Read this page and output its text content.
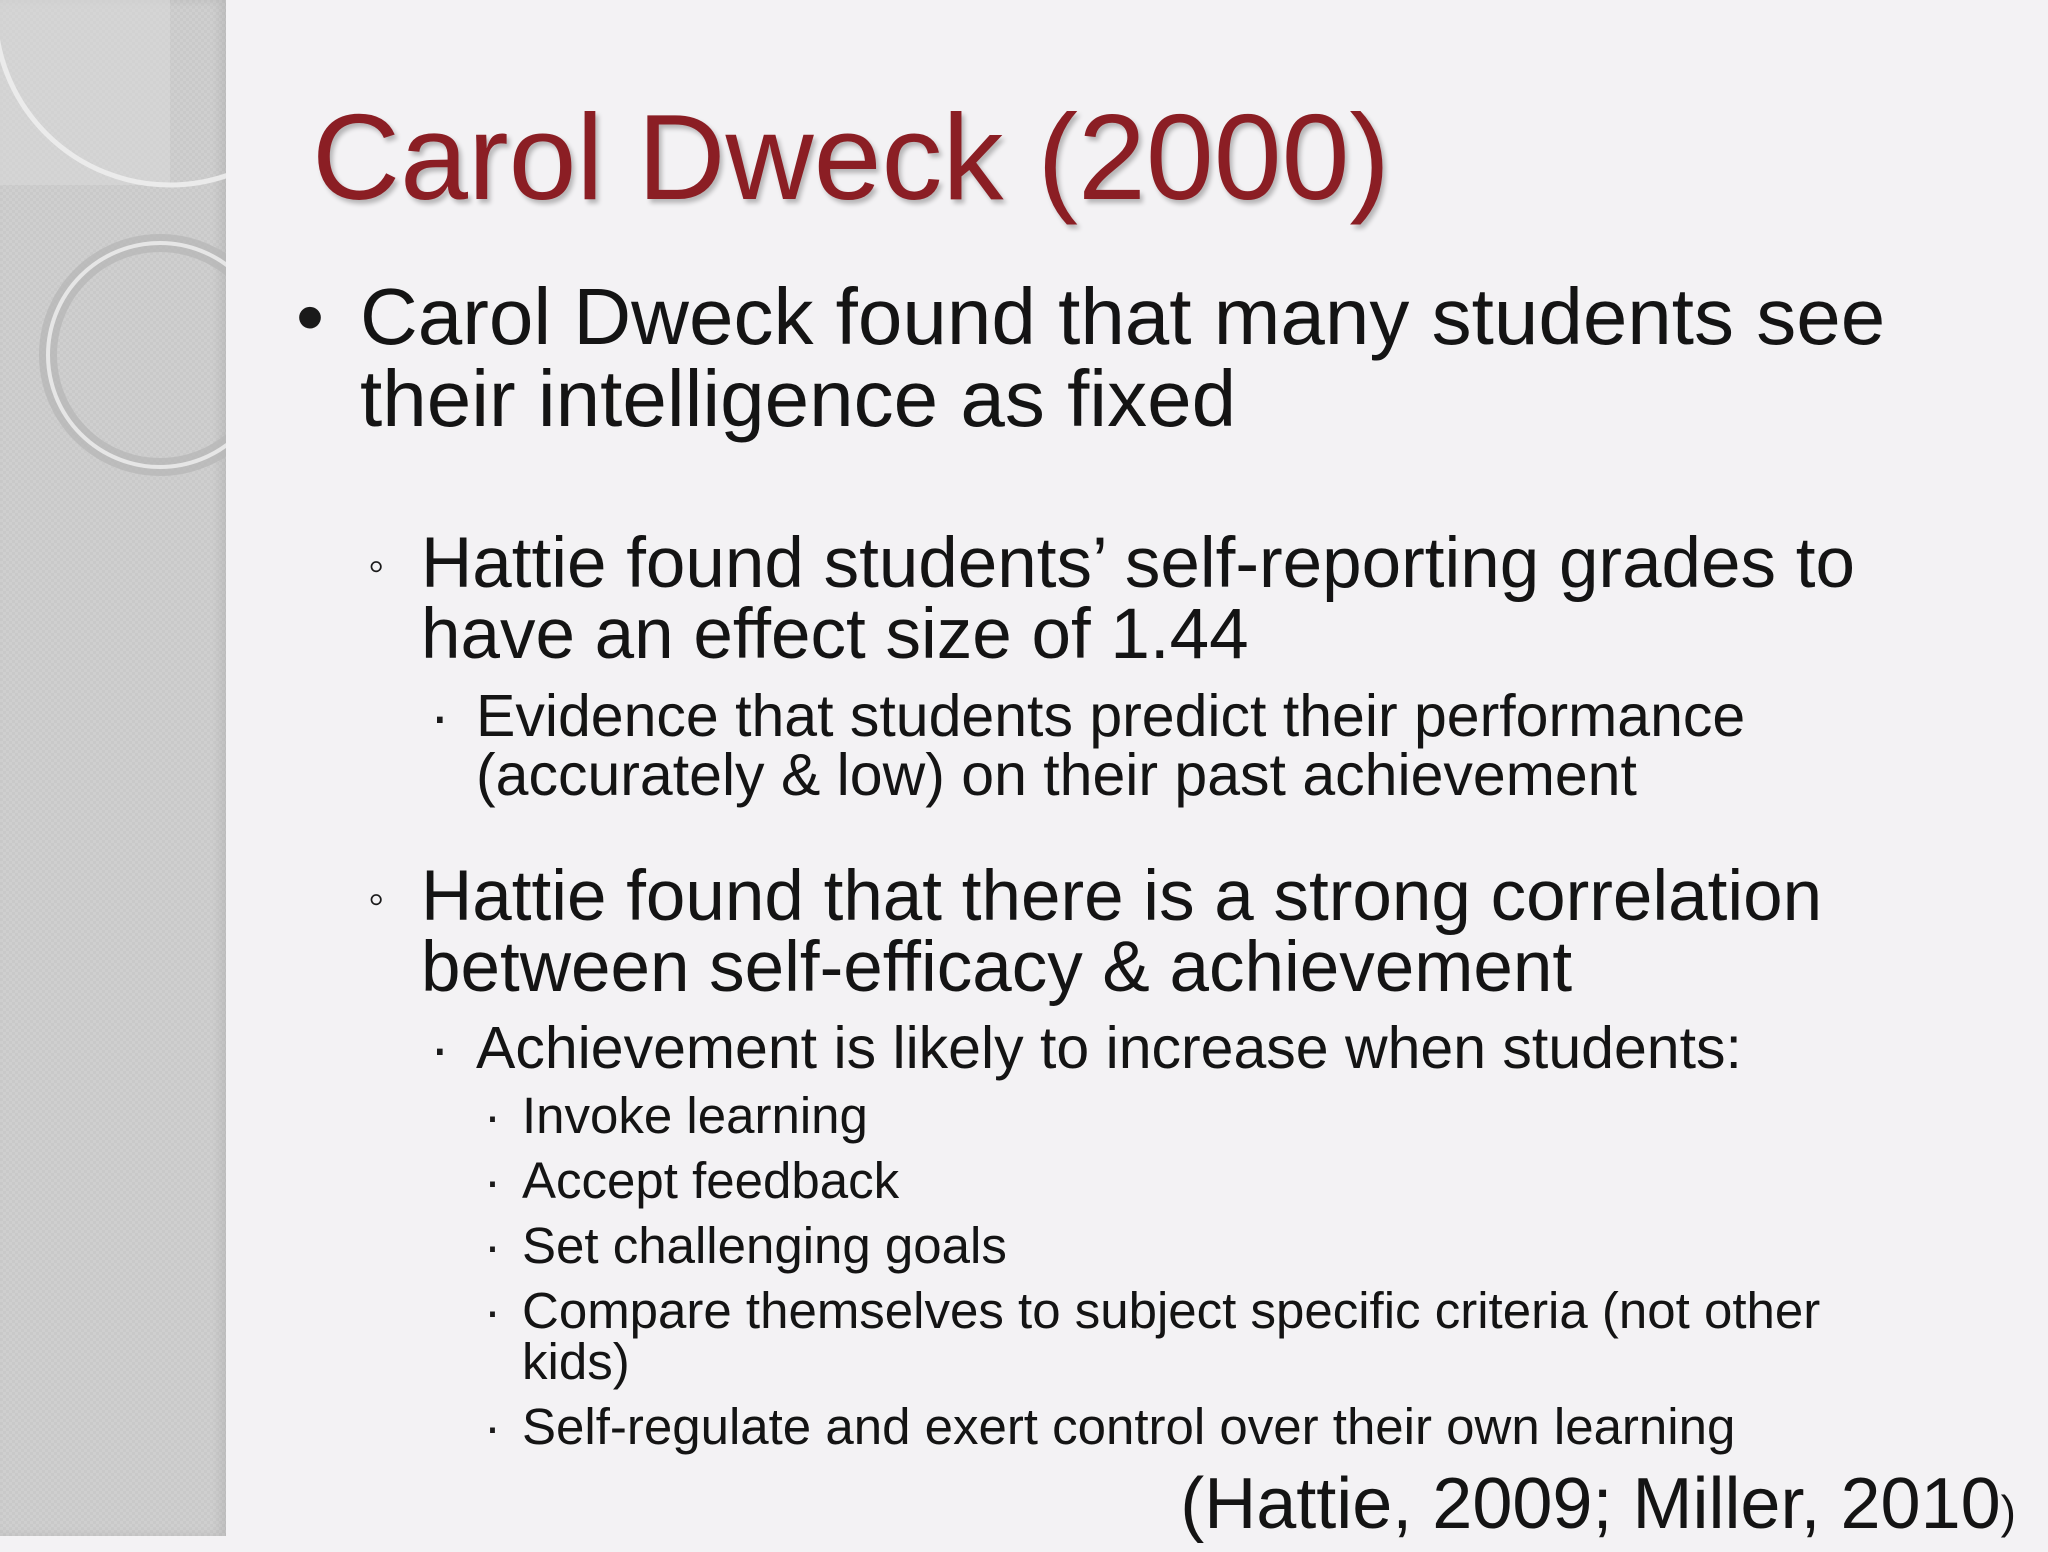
Carol Dweck (2000)
• Carol Dweck found that many students see
their intelligence as fixed
◦ Hattie found students’ self-reporting grades to
have an effect size of 1.44
· Evidence that students predict their performance
(accurately & low) on their past achievement
◦ Hattie found that there is a strong correlation
between self-efficacy & achievement
· Achievement is likely to increase when students:
· Invoke learning
· Accept feedback
· Set challenging goals
· Compare themselves to subject specific criteria (not other
kids)
· Self-regulate and exert control over their own learning
(Hattie, 2009; Miller, 2010)
